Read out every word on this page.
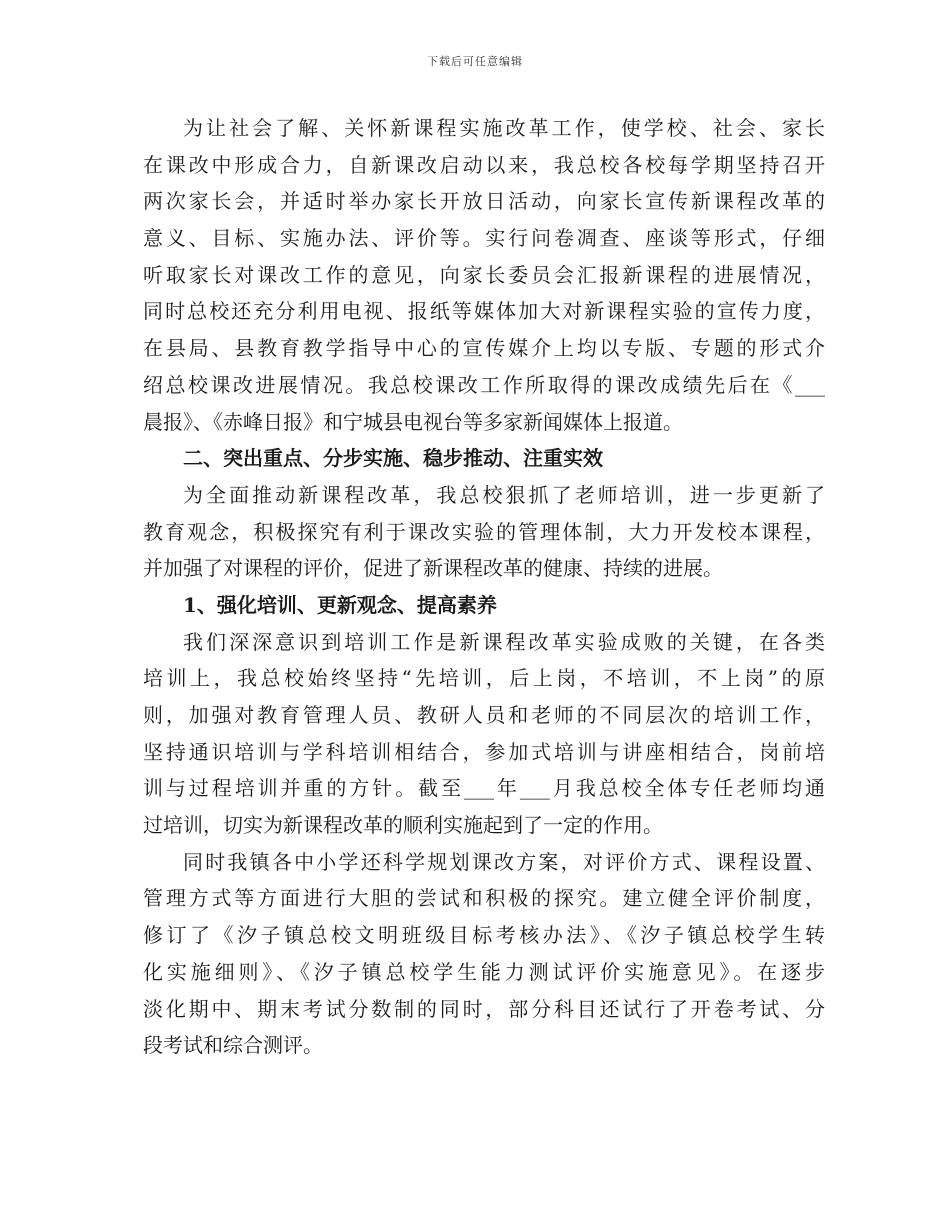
下载后可任意编辑
为让社会了解、关怀新课程实施改革工作，使学校、社会、家长
在课改中形成合力，自新课改启动以来，我总校各校每学期坚持召开
两次家长会，并适时举办家长开放日活动，向家长宣传新课程改革的
意义、目标、实施办法、评价等。实行问卷凋查、座谈等形式，仔细
听取家长对课改工作的意见，向家长委员会汇报新课程的进展情况，
同时总校还充分利用电视、报纸等媒体加大对新课程实验的宣传力度，
在县局、县教育教学指导中心的宣传媒介上均以专版、专题的形式介
绍总校课改进展情况。我总校课改工作所取得的课改成绩先后在《___
晨报》、《赤峰日报》和宁城县电视台等多家新闻媒体上报道。
二、突出重点、分步实施、稳步推动、注重实效
为全面推动新课程改革，我总校狠抓了老师培训，进一步更新了
教育观念，积极探究有利于课改实验的管理体制，大力开发校本课程，
并加强了对课程的评价，促进了新课程改革的健康、持续的进展。
1、强化培训、更新观念、提高素养
我们深深意识到培训工作是新课程改革实验成败的关键，在各类
培训上，我总校始终坚持“先培训，后上岗，不培训，不上岗”的原
则，加强对教育管理人员、教研人员和老师的不同层次的培训工作，
坚持通识培训与学科培训相结合，参加式培训与讲座相结合，岗前培
训与过程培训并重的方针。截至___年___月我总校全体专任老师均通
过培训，切实为新课程改革的顺利实施起到了一定的作用。
同时我镇各中小学还科学规划课改方案，对评价方式、课程设置、
管理方式等方面进行大胆的尝试和积极的探究。建立健全评价制度，
修订了《汐子镇总校文明班级目标考核办法》、《汐子镇总校学生转
化实施细则》、《汐子镇总校学生能力测试评价实施意见》。在逐步
淡化期中、期末考试分数制的同时，部分科目还试行了开卷考试、分
段考试和综合测评。
